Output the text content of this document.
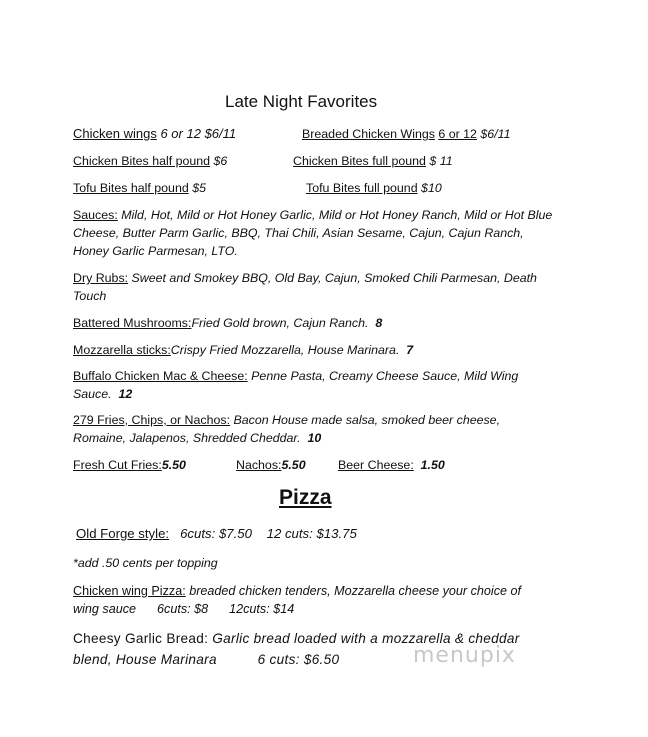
Late Night Favorites
Chicken wings 6 or 12 $6/11	Breaded Chicken Wings 6 or 12 $6/11
Chicken Bites half pound $6	Chicken Bites full pound $ 11
Tofu Bites half pound $5	Tofu Bites full pound $10
Sauces: Mild, Hot, Mild or Hot Honey Garlic, Mild or Hot Honey Ranch, Mild or Hot Blue Cheese, Butter Parm Garlic, BBQ, Thai Chili, Asian Sesame, Cajun, Cajun Ranch, Honey Garlic Parmesan, LTO.
Dry Rubs: Sweet and Smokey BBQ, Old Bay, Cajun, Smoked Chili Parmesan, Death Touch
Battered Mushrooms:Fried Gold brown, Cajun Ranch. 8
Mozzarella sticks:Crispy Fried Mozzarella, House Marinara. 7
Buffalo Chicken Mac & Cheese: Penne Pasta, Creamy Cheese Sauce, Mild Wing Sauce. 12
279 Fries, Chips, or Nachos: Bacon House made salsa, smoked beer cheese, Romaine, Jalapenos, Shredded Cheddar. 10
Fresh Cut Fries:5.50	Nachos:5.50	Beer Cheese: 1.50
Pizza
Old Forge style: 6cuts: $7.50 12 cuts: $13.75
*add .50 cents per topping
Chicken wing Pizza: breaded chicken tenders, Mozzarella cheese your choice of wing sauce 6cuts: $8 12cuts: $14
Cheesy Garlic Bread: Garlic bread loaded with a mozzarella & cheddar blend, House Marinara	6 cuts: $6.50	menupix
